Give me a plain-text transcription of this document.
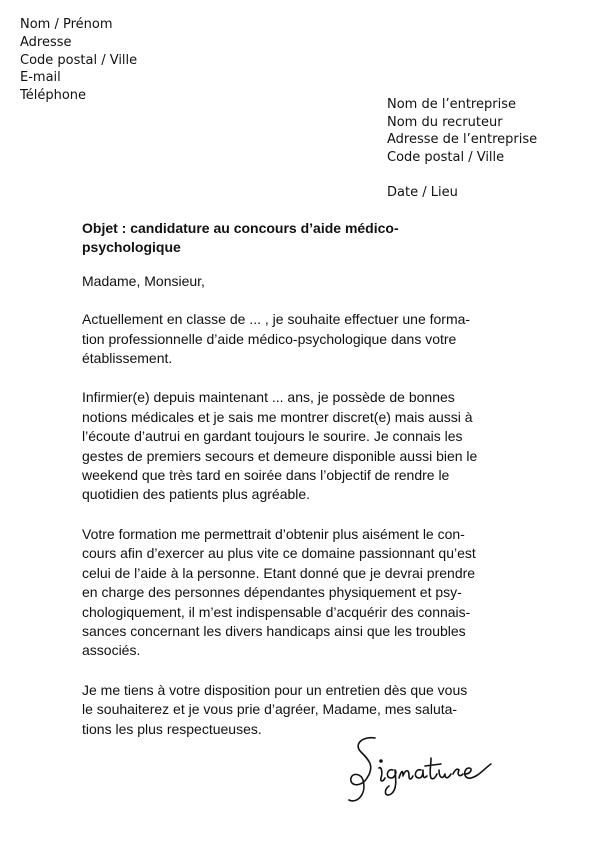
Nom / Prénom
Adresse
Code postal / Ville
E-mail
Téléphone
Nom de l’entreprise
Nom du recruteur
Adresse de l’entreprise
Code postal / Ville
Date / Lieu
Objet : candidature au concours d’aide médico-
psychologique
Madame, Monsieur,
Actuellement en classe de ... , je souhaite effectuer une forma-
tion professionnelle d’aide médico-psychologique dans votre
établissement.
Infirmier(e) depuis maintenant ... ans, je possède de bonnes
notions médicales et je sais me montrer discret(e) mais aussi à
l’écoute d’autrui en gardant toujours le sourire. Je connais les
gestes de premiers secours et demeure disponible aussi bien le
weekend que très tard en soirée dans l’objectif de rendre le
quotidien des patients plus agréable.
Votre formation me permettrait d’obtenir plus aisément le con-
cours afin d’exercer au plus vite ce domaine passionnant qu’est
celui de l’aide à la personne. Etant donné que je devrai prendre
en charge des personnes dépendantes physiquement et psy-
chologiquement, il m’est indispensable d’acquérir des connais-
sances concernant les divers handicaps ainsi que les troubles
associés.
Je me tiens à votre disposition pour un entretien dès que vous
le souhaiterez et je vous prie d’agréer, Madame, mes saluta-
tions les plus respectueuses.
